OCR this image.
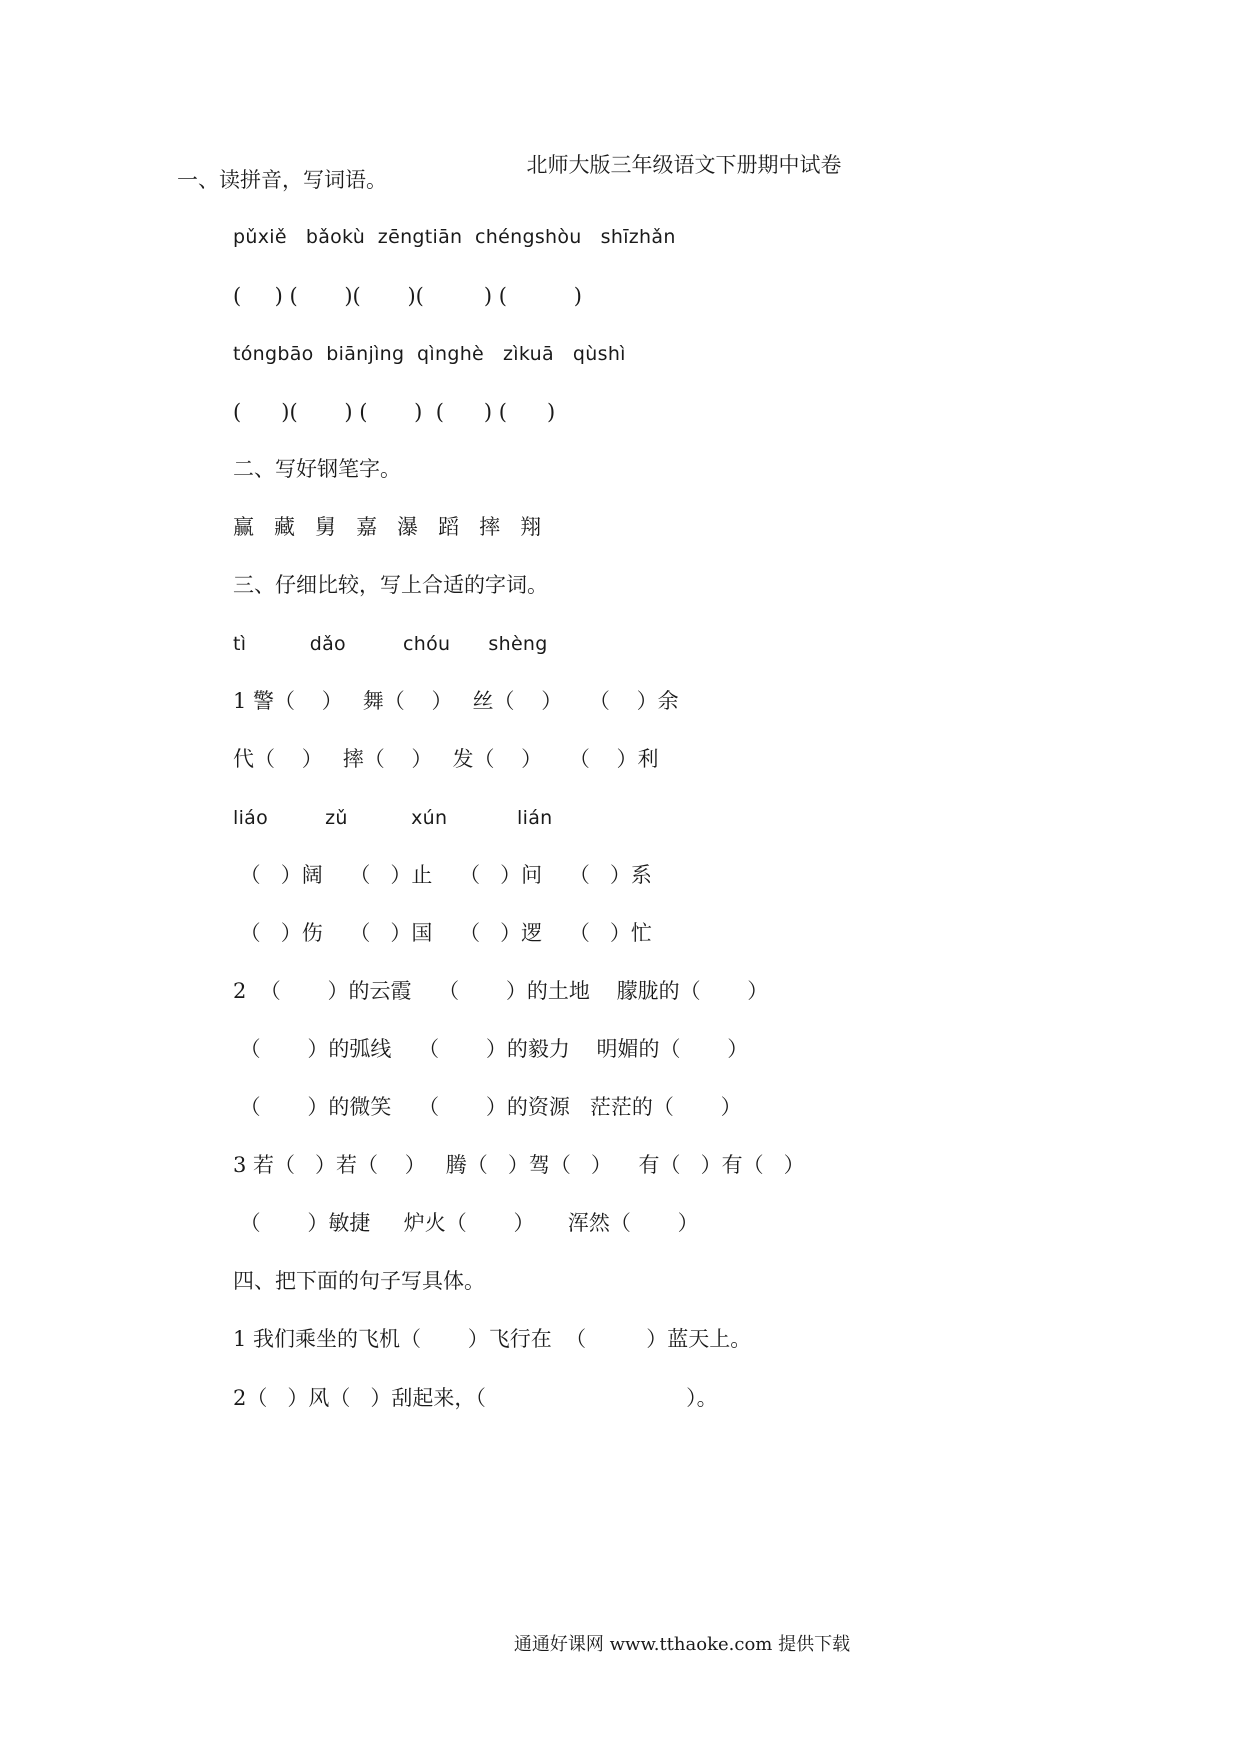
北师大版三年级语文下册期中试卷
一、读拼音，写词语。
pǔxiě   bǎokù  zēngtiān  chéngshòu   shīzhǎn
(     ) (       )(       )(         ) (          )
tóngbāo  biānjìng  qìnghè   zìkuā   qùshì
(      )(       ) (       )  (      ) (      )
二、写好钢笔字。
赢   藏   舅   嘉   瀑   蹈   摔   翔
三、仔细比较，写上合适的字词。
tì          dǎo         chóu      shèng
1 警（    ）   舞（    ）   丝（    ）    （    ）余
代（    ）   摔（    ）   发（    ）    （    ）利
liáo         zǔ          xún           lián
（   ）阔    （   ）止    （   ）问    （   ）系
（   ）伤    （   ）国    （   ）逻    （   ）忙
2  （       ）的云霞    （       ）的土地    朦胧的（       ）
（       ）的弧线    （       ）的毅力    明媚的（       ）
（       ）的微笑    （       ）的资源   茫茫的（       ）
3 若（   ）若（    ）   腾（   ）驾（   ）    有（   ）有（   ）
（       ）敏捷     炉火（       ）     浑然（       ）
四、把下面的句子写具体。
1 我们乘坐的飞机（       ）飞行在  （         ）蓝天上。
2（   ）风（   ）刮起来，（                              ）。
通通好课网 www.tthaoke.com 提供下载
